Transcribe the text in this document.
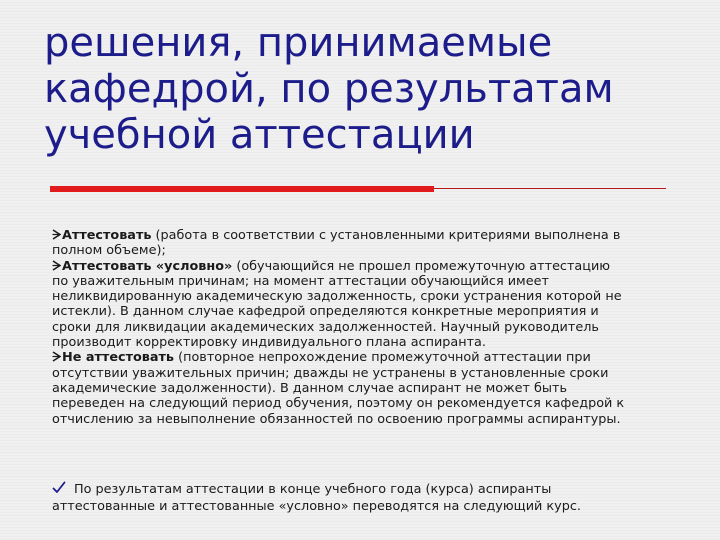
решения, принимаемые
кафедрой, по результатам
учебной аттестации
Аттестовать (работа в соответствии с установленными критериями выполнена в
полном объеме);
Аттестовать «условно» (обучающийся не прошел промежуточную аттестацию
по уважительным причинам; на момент аттестации обучающийся имеет
неликвидированную академическую задолженность, сроки устранения которой не
истекли). В данном случае кафедрой определяются конкретные мероприятия и
сроки для ликвидации академических задолженностей. Научный руководитель
производит корректировку индивидуального плана аспиранта.
Не аттестовать (повторное непрохождение промежуточной аттестации при
отсутствии уважительных причин; дважды не устранены в установленные сроки
академические задолженности). В данном случае аспирант не может быть
переведен на следующий период обучения, поэтому он рекомендуется кафедрой к
отчислению за невыполнение обязанностей по освоению программы аспирантуры.
По результатам аттестации в конце учебного года (курса) аспиранты
аттестованные и аттестованные «условно» переводятся на следующий курс.
